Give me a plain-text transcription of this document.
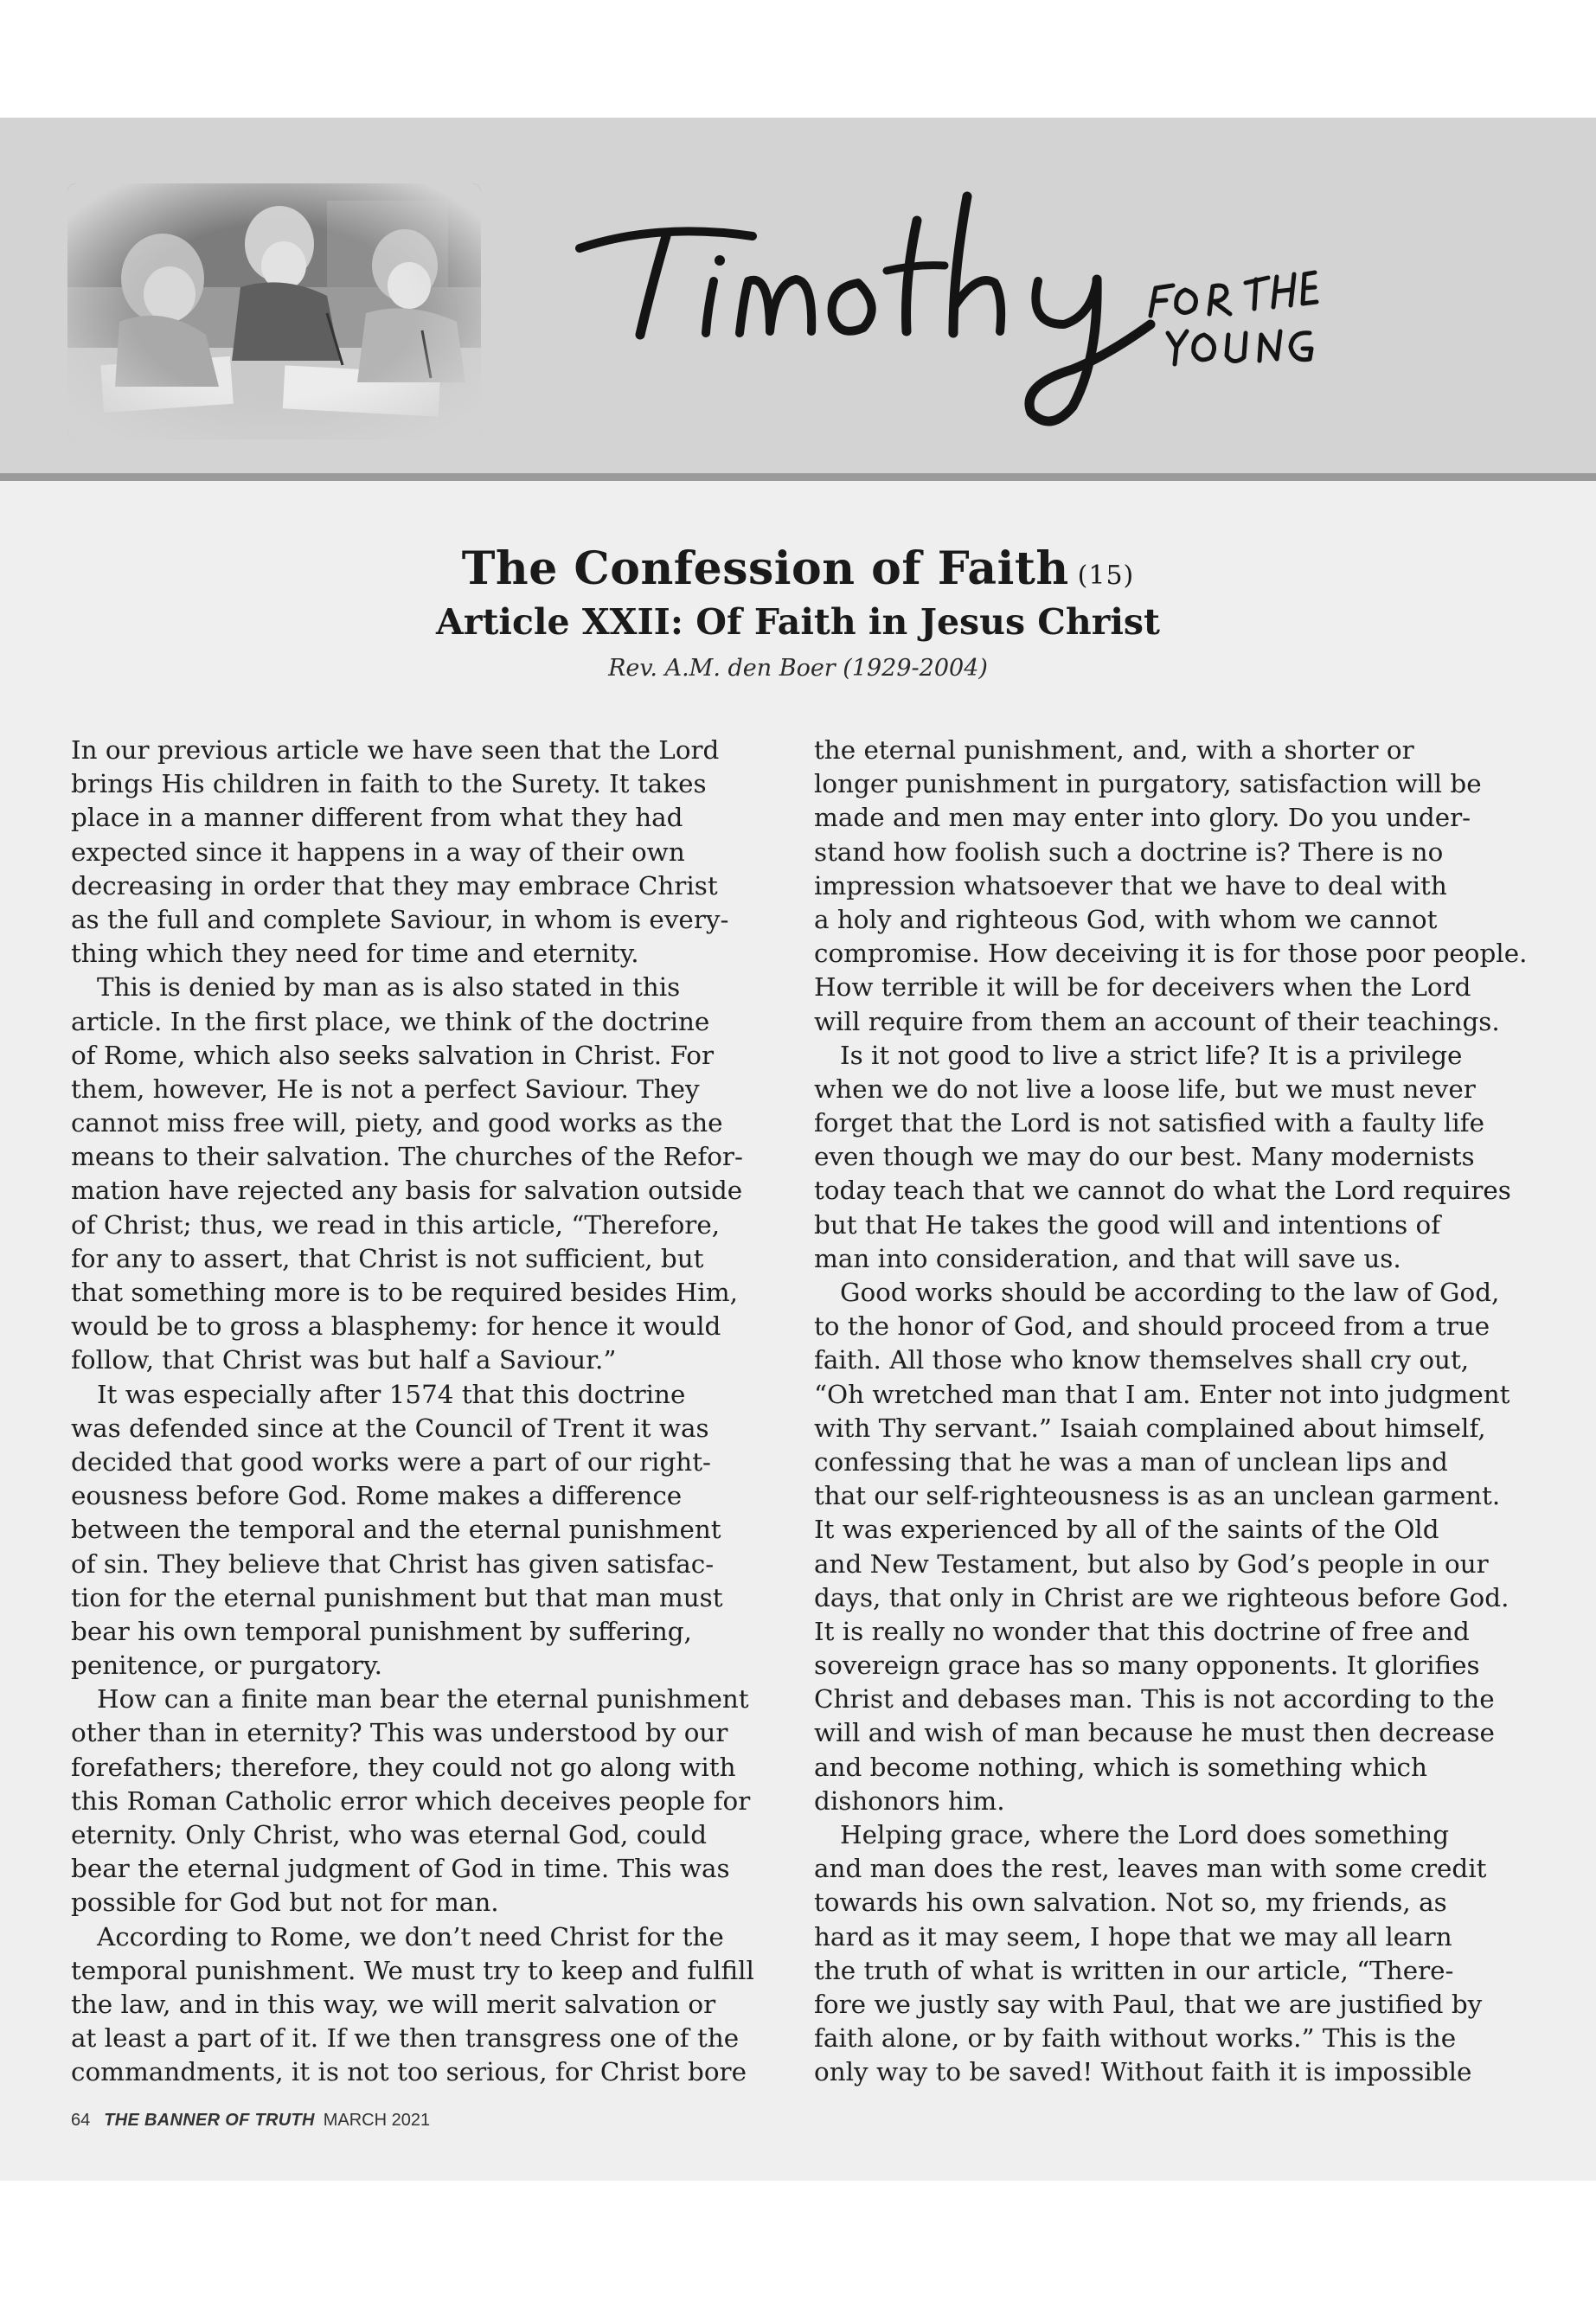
The Confession of Faith (15)
Article XXII: Of Faith in Jesus Christ
Rev. A.M. den Boer (1929-2004)
In our previous article we have seen that the Lord
brings His children in faith to the Surety. It takes
place in a manner different from what they had
expected since it happens in a way of their own
decreasing in order that they may embrace Christ
as the full and complete Saviour, in whom is every-
thing which they need for time and eternity.
This is denied by man as is also stated in this
article. In the first place, we think of the doctrine
of Rome, which also seeks salvation in Christ. For
them, however, He is not a perfect Saviour. They
cannot miss free will, piety, and good works as the
means to their salvation. The churches of the Refor-
mation have rejected any basis for salvation outside
of Christ; thus, we read in this article, “Therefore,
for any to assert, that Christ is not sufficient, but
that something more is to be required besides Him,
would be to gross a blasphemy: for hence it would
follow, that Christ was but half a Saviour.”
It was especially after 1574 that this doctrine
was defended since at the Council of Trent it was
decided that good works were a part of our right-
eousness before God. Rome makes a difference
between the temporal and the eternal punishment
of sin. They believe that Christ has given satisfac-
tion for the eternal punishment but that man must
bear his own temporal punishment by suffering,
penitence, or purgatory.
How can a finite man bear the eternal punishment
other than in eternity? This was understood by our
forefathers; therefore, they could not go along with
this Roman Catholic error which deceives people for
eternity. Only Christ, who was eternal God, could
bear the eternal judgment of God in time. This was
possible for God but not for man.
According to Rome, we don’t need Christ for the
temporal punishment. We must try to keep and fulfill
the law, and in this way, we will merit salvation or
at least a part of it. If we then transgress one of the
commandments, it is not too serious, for Christ bore
the eternal punishment, and, with a shorter or
longer punishment in purgatory, satisfaction will be
made and men may enter into glory. Do you under-
stand how foolish such a doctrine is? There is no
impression whatsoever that we have to deal with
a holy and righteous God, with whom we cannot
compromise. How deceiving it is for those poor people.
How terrible it will be for deceivers when the Lord
will require from them an account of their teachings.
Is it not good to live a strict life? It is a privilege
when we do not live a loose life, but we must never
forget that the Lord is not satisfied with a faulty life
even though we may do our best. Many modernists
today teach that we cannot do what the Lord requires
but that He takes the good will and intentions of
man into consideration, and that will save us.
Good works should be according to the law of God,
to the honor of God, and should proceed from a true
faith. All those who know themselves shall cry out,
“Oh wretched man that I am. Enter not into judgment
with Thy servant.” Isaiah complained about himself,
confessing that he was a man of unclean lips and
that our self-righteousness is as an unclean garment.
It was experienced by all of the saints of the Old
and New Testament, but also by God’s people in our
days, that only in Christ are we righteous before God.
It is really no wonder that this doctrine of free and
sovereign grace has so many opponents. It glorifies
Christ and debases man. This is not according to the
will and wish of man because he must then decrease
and become nothing, which is something which
dishonors him.
Helping grace, where the Lord does something
and man does the rest, leaves man with some credit
towards his own salvation. Not so, my friends, as
hard as it may seem, I hope that we may all learn
the truth of what is written in our article, “There-
fore we justly say with Paul, that we are justified by
faith alone, or by faith without works.” This is the
only way to be saved! Without faith it is impossible
64 THE BANNER OF TRUTH MARCH 2021
